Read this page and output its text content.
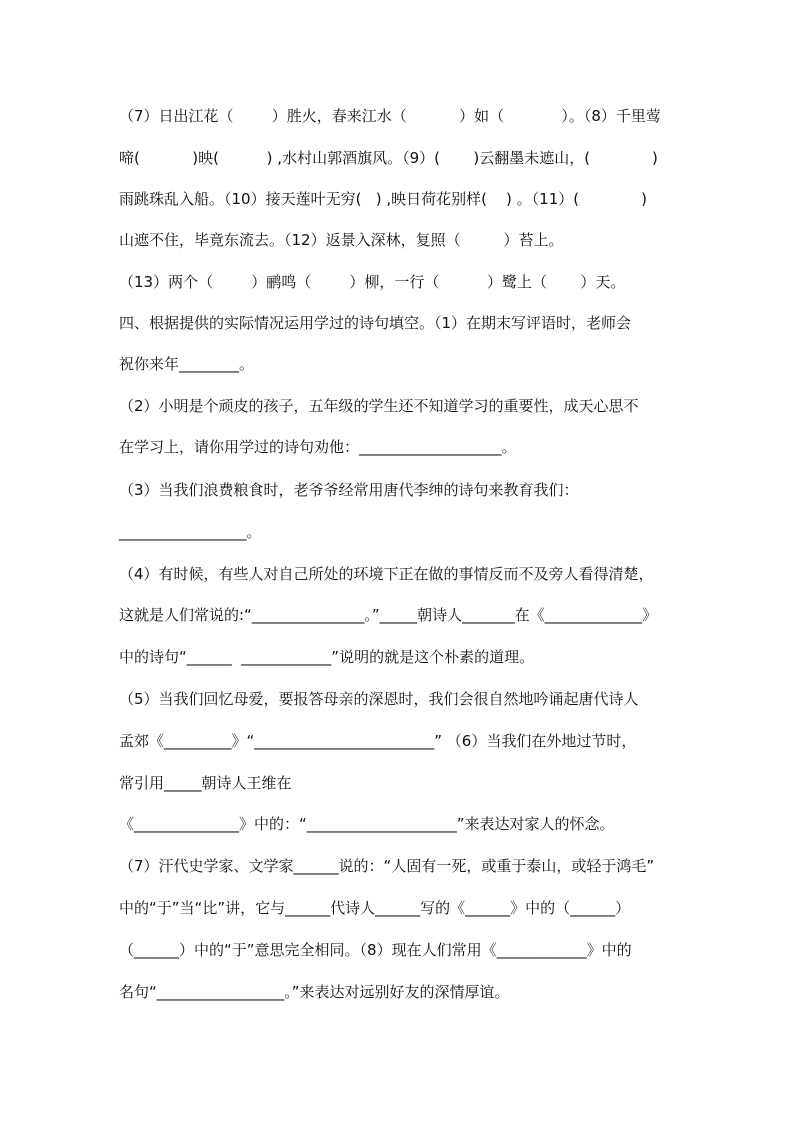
（7）日出江花（        ）胜火，春来江水（           ）如（            ）。（8）千里莺
啼(           )映(          ) ,水村山郭酒旗风。（9）(       )云翻墨未遮山，(             )
雨跳珠乱入船。（10）接天莲叶无穷(   ) ,映日荷花别样(    ) 。（11）(             )
山遮不住，毕竟东流去。（12）返景入深林，复照（         ）苔上。
（13）两个（        ）鹂鸣（        ）柳，一行（          ）鹭上（       ）天。
四、根据提供的实际情况运用学过的诗句填空。（1）在期末写评语时，老师会
祝你来年________。
（2）小明是个顽皮的孩子，五年级的学生还不知道学习的重要性，成天心思不
在学习上，请你用学过的诗句劝他：___________________。
（3）当我们浪费粮食时，老爷爷经常用唐代李绅的诗句来教育我们：
_________________。
（4）有时候，有些人对自己所处的环境下正在做的事情反而不及旁人看得清楚，
这就是人们常说的:“_______________。”_____朝诗人_______在《_____________》
中的诗句“______  ____________”说明的就是这个朴素的道理。
（5）当我们回忆母爱，要报答母亲的深恩时，我们会很自然地吟诵起唐代诗人
孟郊《_________》“________________________” （6）当我们在外地过节时，
常引用_____朝诗人王维在
《______________》中的：“____________________”来表达对家人的怀念。
（7）汗代史学家、文学家______说的：“人固有一死，或重于泰山，或轻于鸿毛”
中的“于”当“比”讲，它与______代诗人______写的《______》中的（______）
（______）中的“于”意思完全相同。（8）现在人们常用《____________》中的
名句“_________________。”来表达对远别好友的深情厚谊。
